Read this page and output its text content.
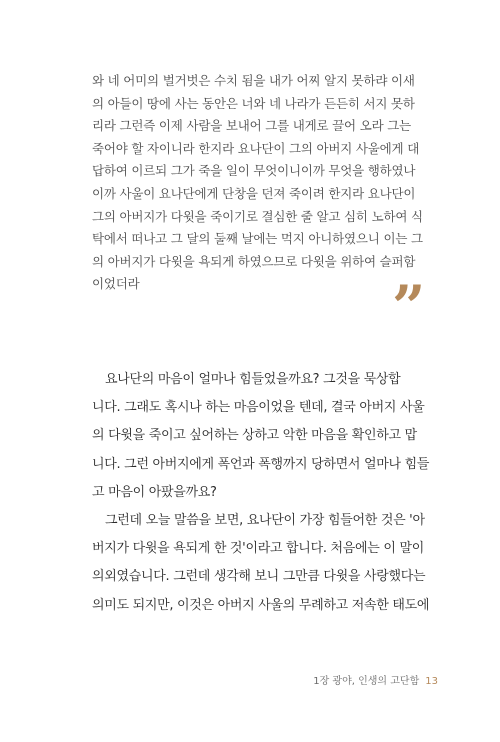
와 네 어미의 벌거벗은 수치 됨을 내가 어찌 알지 못하랴 이새
의 아들이 땅에 사는 동안은 너와 네 나라가 든든히 서지 못하
리라 그런즉 이제 사람을 보내어 그를 내게로 끌어 오라 그는
죽어야 할 자이니라 한지라 요나단이 그의 아버지 사울에게 대
답하여 이르되 그가 죽을 일이 무엇이니이까 무엇을 행하였나
이까 사울이 요나단에게 단창을 던져 죽이려 한지라 요나단이
그의 아버지가 다윗을 죽이기로 결심한 줄 알고 심히 노하여 식
탁에서 떠나고 그 달의 둘째 날에는 먹지 아니하였으니 이는 그
의 아버지가 다윗을 욕되게 하였으므로 다윗을 위하여 슬퍼함
이었더라	”
요나단의 마음이 얼마나 힘들었을까요? 그것을 묵상합
니다. 그래도 혹시나 하는 마음이었을 텐데, 결국 아버지 사울
의 다윗을 죽이고 싶어하는 상하고 악한 마음을 확인하고 맙
니다. 그런 아버지에게 폭언과 폭행까지 당하면서 얼마나 힘들
고 마음이 아팠을까요?
그런데 오늘 말씀을 보면, 요나단이 가장 힘들어한 것은 '아
버지가 다윗을 욕되게 한 것'이라고 합니다. 처음에는 이 말이
의외였습니다. 그런데 생각해 보니 그만큼 다윗을 사랑했다는
의미도 되지만, 이것은 아버지 사울의 무례하고 저속한 태도에
1장 광야, 인생의 고단함 13
